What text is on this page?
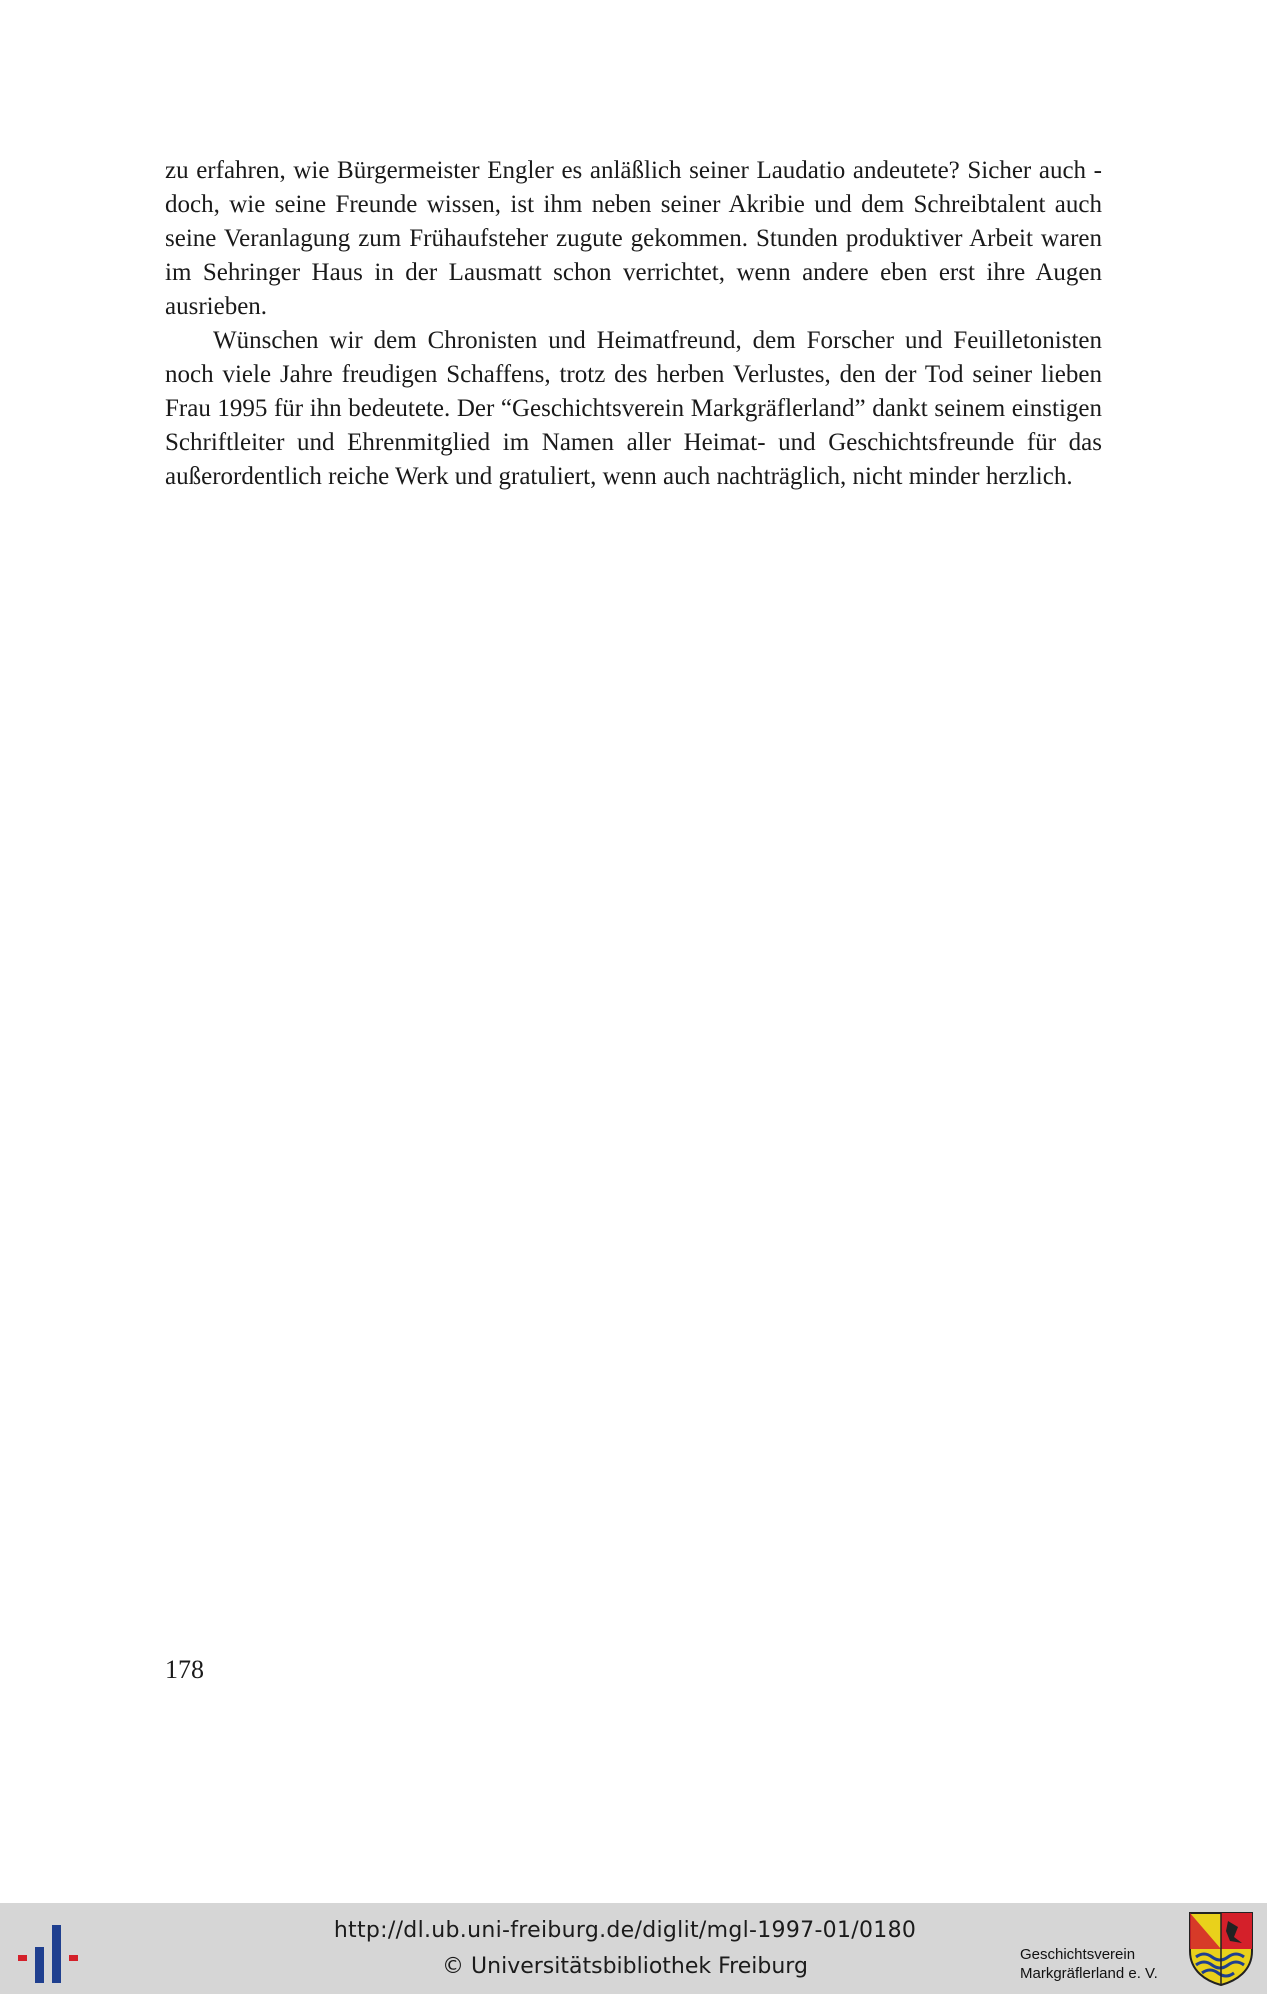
zu erfahren, wie Bürgermeister Engler es anläßlich seiner Laudatio andeutete? Sicher auch - doch, wie seine Freunde wissen, ist ihm neben seiner Akribie und dem Schreibtalent auch seine Veranlagung zum Frühaufsteher zugute gekommen. Stunden produktiver Arbeit waren im Sehringer Haus in der Lausmatt schon verrichtet, wenn andere eben erst ihre Augen ausrieben.

Wünschen wir dem Chronisten und Heimatfreund, dem Forscher und Feuilletonisten noch viele Jahre freudigen Schaffens, trotz des herben Verlustes, den der Tod seiner lieben Frau 1995 für ihn bedeutete. Der “Geschichtsverein Markgräflerland” dankt seinem einstigen Schriftleiter und Ehrenmitglied im Namen aller Heimat- und Geschichtsfreunde für das außerordentlich reiche Werk und gratuliert, wenn auch nachträglich, nicht minder herzlich.

178
http://dl.ub.uni-freiburg.de/diglit/mgl-1997-01/0180
© Universitätsbibliothek Freiburg	Geschichtsverein
Markgräflerland e. V.
